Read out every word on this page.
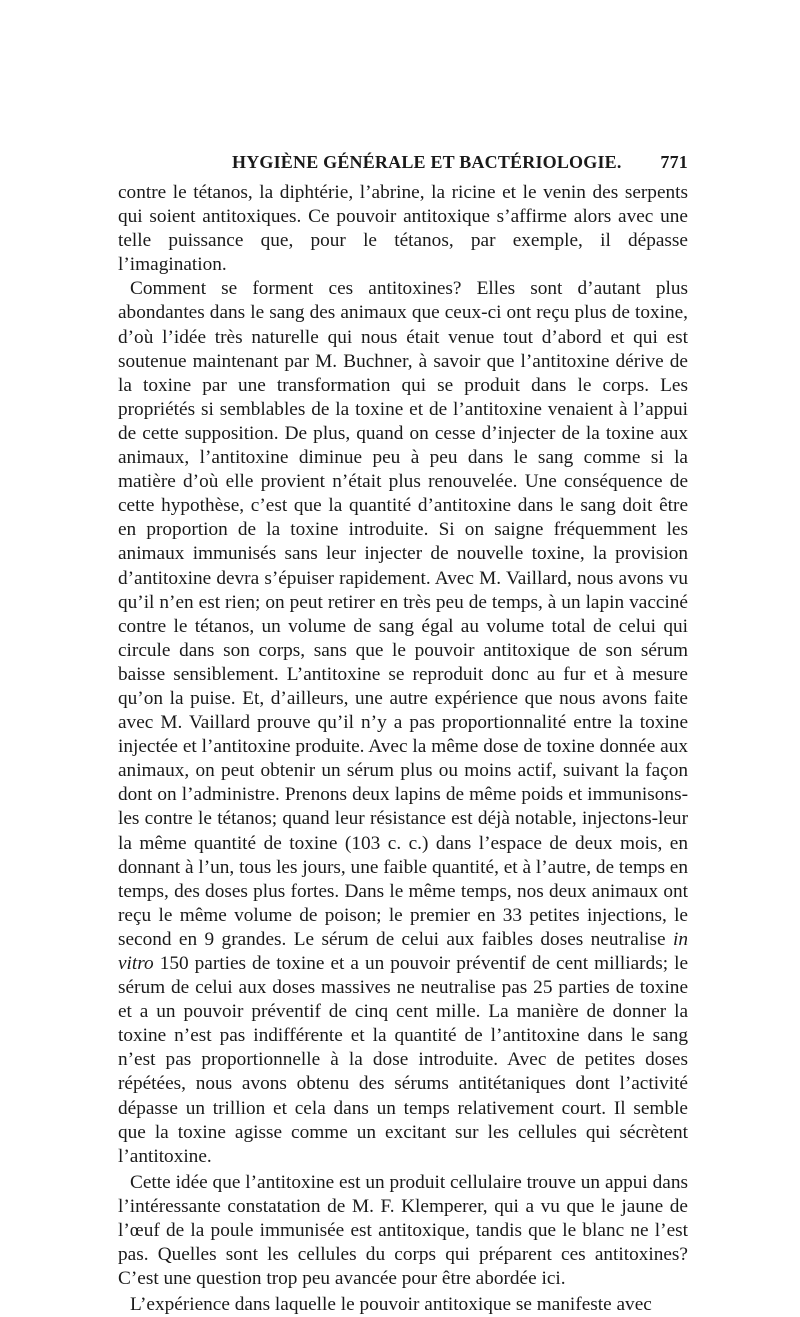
HYGIÈNE GÉNÉRALE ET BACTÉRIOLOGIE. 771

contre le tétanos, la diphtérie, l’abrine, la ricine et le venin des serpents qui soient antitoxiques. Ce pouvoir antitoxique s’affirme alors avec une telle puissance que, pour le tétanos, par exemple, il dépasse l’imagination.

Comment se forment ces antitoxines? Elles sont d’autant plus abondantes dans le sang des animaux que ceux-ci ont reçu plus de toxine, d’où l’idée très naturelle qui nous était venue tout d’abord et qui est soutenue maintenant par M. Buchner, à savoir que l’antitoxine dérive de la toxine par une transformation qui se produit dans le corps. Les propriétés si semblables de la toxine et de l’antitoxine venaient à l’appui de cette supposition. De plus, quand on cesse d’injecter de la toxine aux animaux, l’antitoxine diminue peu à peu dans le sang comme si la matière d’où elle provient n’était plus renouvelée. Une conséquence de cette hypothèse, c’est que la quantité d’antitoxine dans le sang doit être en proportion de la toxine introduite. Si on saigne fréquemment les animaux immunisés sans leur injecter de nouvelle toxine, la provision d’antitoxine devra s’épuiser rapidement. Avec M. Vaillard, nous avons vu qu’il n’en est rien; on peut retirer en très peu de temps, à un lapin vacciné contre le tétanos, un volume de sang égal au volume total de celui qui circule dans son corps, sans que le pouvoir antitoxique de son sérum baisse sensiblement. L’antitoxine se reproduit donc au fur et à mesure qu’on la puise. Et, d’ailleurs, une autre expérience que nous avons faite avec M. Vaillard prouve qu’il n’y a pas proportionnalité entre la toxine injectée et l’antitoxine produite. Avec la même dose de toxine donnée aux animaux, on peut obtenir un sérum plus ou moins actif, suivant la façon dont on l’administre. Prenons deux lapins de même poids et immunisons-les contre le tétanos; quand leur résistance est déjà notable, injectons-leur la même quantité de toxine (103 c. c.) dans l’espace de deux mois, en donnant à l’un, tous les jours, une faible quantité, et à l’autre, de temps en temps, des doses plus fortes. Dans le même temps, nos deux animaux ont reçu le même volume de poison; le premier en 33 petites injections, le second en 9 grandes. Le sérum de celui aux faibles doses neutralise in vitro 150 parties de toxine et a un pouvoir préventif de cent milliards; le sérum de celui aux doses massives ne neutralise pas 25 parties de toxine et a un pouvoir préventif de cinq cent mille. La manière de donner la toxine n’est pas indifférente et la quantité de l’antitoxine dans le sang n’est pas proportionnelle à la dose introduite. Avec de petites doses répétées, nous avons obtenu des sérums antitétaniques dont l’activité dépasse un trillion et cela dans un temps relativement court. Il semble que la toxine agisse comme un excitant sur les cellules qui sécrètent l’antitoxine.

Cette idée que l’antitoxine est un produit cellulaire trouve un appui dans l’intéressante constatation de M. F. Klemperer, qui a vu que le jaune de l’œuf de la poule immunisée est antitoxique, tandis que le blanc ne l’est pas. Quelles sont les cellules du corps qui préparent ces antitoxines? C’est une question trop peu avancée pour être abordée ici.

L’expérience dans laquelle le pouvoir antitoxique se manifeste avec
